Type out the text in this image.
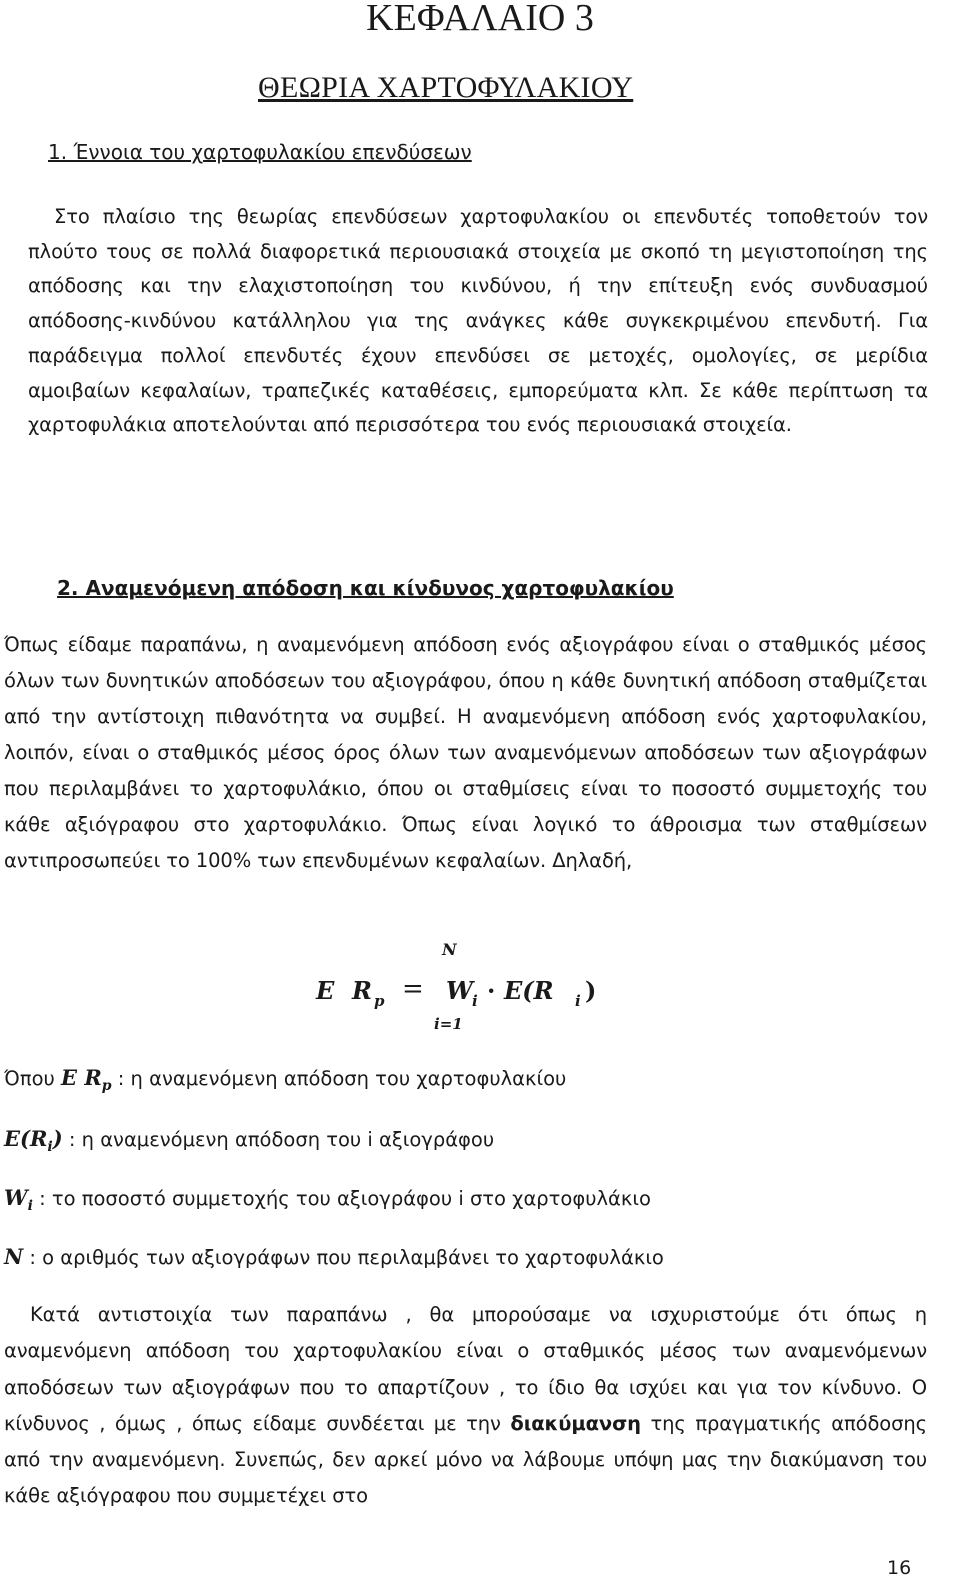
ΚΕΦΑΛΑΙΟ 3
ΘΕΩΡΙΑ ΧΑΡΤΟΦΥΛΑΚΙΟΥ
1. Έννοια του χαρτοφυλακίου επενδύσεων
Στο πλαίσιο της θεωρίας επενδύσεων χαρτοφυλακίου οι επενδυτές τοποθετούν τον πλούτο τους σε πολλά διαφορετικά περιουσιακά στοιχεία με σκοπό τη μεγιστοποίηση της απόδοσης και την ελαχιστοποίηση του κινδύνου, ή την επίτευξη ενός συνδυασμού απόδοσης-κινδύνου κατάλληλου για της ανάγκες κάθε συγκεκριμένου επενδυτή. Για παράδειγμα πολλοί επενδυτές έχουν επενδύσει σε μετοχές, ομολογίες, σε μερίδια αμοιβαίων κεφαλαίων, τραπεζικές καταθέσεις, εμπορεύματα κλπ. Σε κάθε περίπτωση τα χαρτοφυλάκια αποτελούνται από περισσότερα του ενός περιουσιακά στοιχεία.
2. Αναμενόμενη απόδοση και κίνδυνος χαρτοφυλακίου
Όπως είδαμε παραπάνω, η αναμενόμενη απόδοση ενός αξιογράφου είναι ο σταθμικός μέσος όλων των δυνητικών αποδόσεων του αξιογράφου, όπου η κάθε δυνητική απόδοση σταθμίζεται από την αντίστοιχη πιθανότητα να συμβεί. Η αναμενόμενη απόδοση ενός χαρτοφυλακίου, λοιπόν, είναι ο σταθμικός μέσος όρος όλων των αναμενόμενων αποδόσεων των αξιογράφων που περιλαμβάνει το χαρτοφυλάκιο, όπου οι σταθμίσεις είναι το ποσοστό συμμετοχής του κάθε αξιόγραφου στο χαρτοφυλάκιο. Όπως είναι λογικό το άθροισμα των σταθμίσεων αντιπροσωπεύει το 100% των επενδυμένων κεφαλαίων. Δηλαδή,
N
E R p = W i · E(R i )
i=1
Όπου E $R_p$ : η αναμενόμενη απόδοση του χαρτοφυλακίου
$E(R_i)$ : η αναμενόμενη απόδοση του i αξιογράφου
$W_i$ : το ποσοστό συμμετοχής του αξιογράφου i στο χαρτοφυλάκιο
N : ο αριθμός των αξιογράφων που περιλαμβάνει το χαρτοφυλάκιο
Κατά αντιστοιχία των παραπάνω , θα μπορούσαμε να ισχυριστούμε ότι όπως η αναμενόμενη απόδοση του χαρτοφυλακίου είναι ο σταθμικός μέσος των αναμενόμενων αποδόσεων των αξιογράφων που το απαρτίζουν , το ίδιο θα ισχύει και για τον κίνδυνο. Ο κίνδυνος , όμως , όπως είδαμε συνδέεται με την διακύμανση της πραγματικής απόδοσης από την αναμενόμενη. Συνεπώς, δεν αρκεί μόνο να λάβουμε υπόψη μας την διακύμανση του κάθε αξιόγραφου που συμμετέχει στο
16
